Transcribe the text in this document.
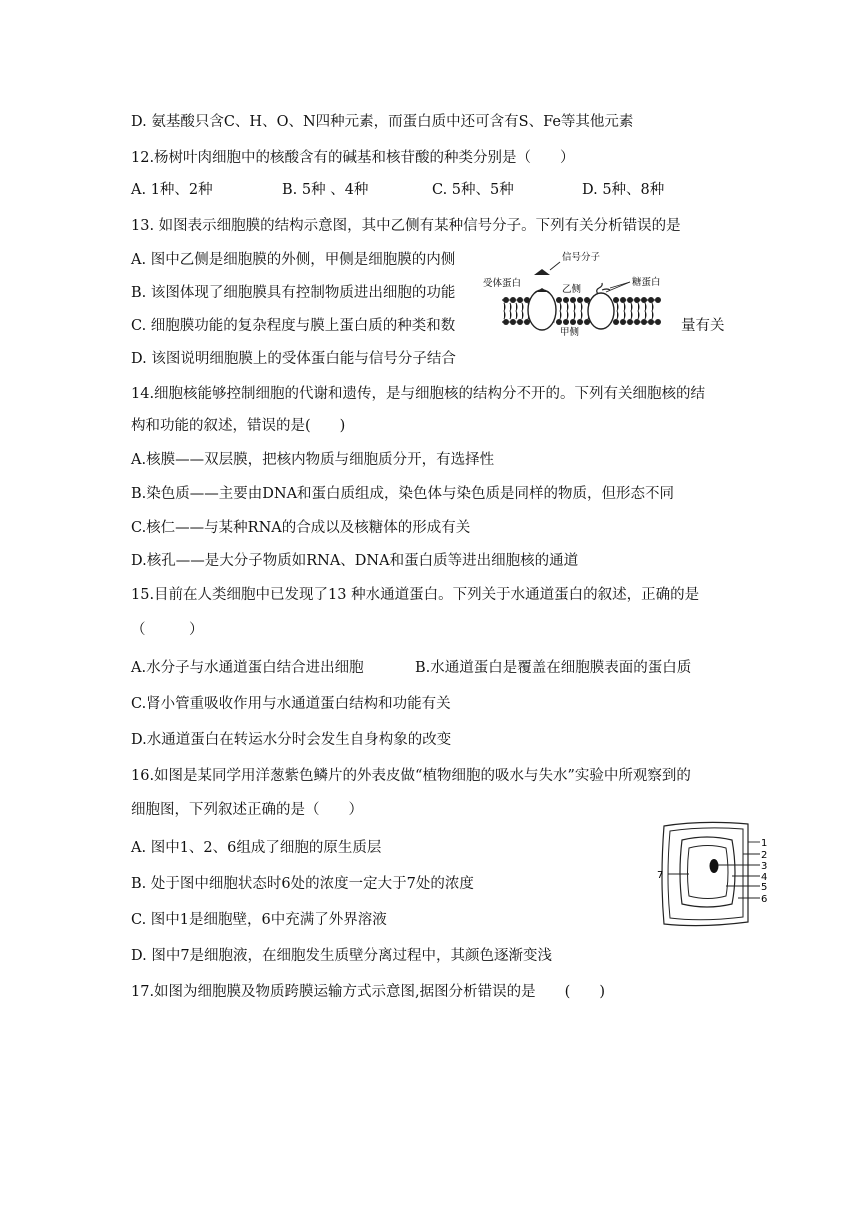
D. 氨基酸只含C、H、O、N四种元素，而蛋白质中还可含有S、Fe等其他元素
12.杨树叶肉细胞中的核酸含有的碱基和核苷酸的种类分别是（　　）
A. 1种、2种	B. 5种 、4种	C. 5种、5种	D. 5种、8种
13. 如图表示细胞膜的结构示意图，其中乙侧有某种信号分子。下列有关分析错误的是
A. 图中乙侧是细胞膜的外侧，甲侧是细胞膜的内侧
B. 该图体现了细胞膜具有控制物质进出细胞的功能
C. 细胞膜功能的复杂程度与膜上蛋白质的种类和数	量有关
D. 该图说明细胞膜上的受体蛋白能与信号分子结合
信号分子
受体蛋白	糖蛋白
乙侧
甲侧
14.细胞核能够控制细胞的代谢和遗传，是与细胞核的结构分不开的。下列有关细胞核的结
构和功能的叙述，错误的是(　　)
A.核膜——双层膜，把核内物质与细胞质分开，有选择性
B.染色质——主要由DNA和蛋白质组成，染色体与染色质是同样的物质，但形态不同
C.核仁——与某种RNA的合成以及核糖体的形成有关
D.核孔——是大分子物质如RNA、DNA和蛋白质等进出细胞核的通道
15.目前在人类细胞中已发现了13 种水通道蛋白。下列关于水通道蛋白的叙述，正确的是
（　　　）
A.水分子与水通道蛋白结合进出细胞	B.水通道蛋白是覆盖在细胞膜表面的蛋白质
C.肾小管重吸收作用与水通道蛋白结构和功能有关
D.水通道蛋白在转运水分时会发生自身构象的改变
16.如图是某同学用洋葱紫色鳞片的外表皮做“植物细胞的吸水与失水”实验中所观察到的
细胞图，下列叙述正确的是（　　）
A. 图中1、2、6组成了细胞的原生质层
B. 处于图中细胞状态时6处的浓度一定大于7处的浓度
C. 图中1是细胞壁，6中充满了外界溶液
D. 图中7是细胞液，在细胞发生质壁分离过程中，其颜色逐渐变浅
1
2
3
4
5
6
7
17.如图为细胞膜及物质跨膜运输方式示意图,据图分析错误的是　　(　　)
